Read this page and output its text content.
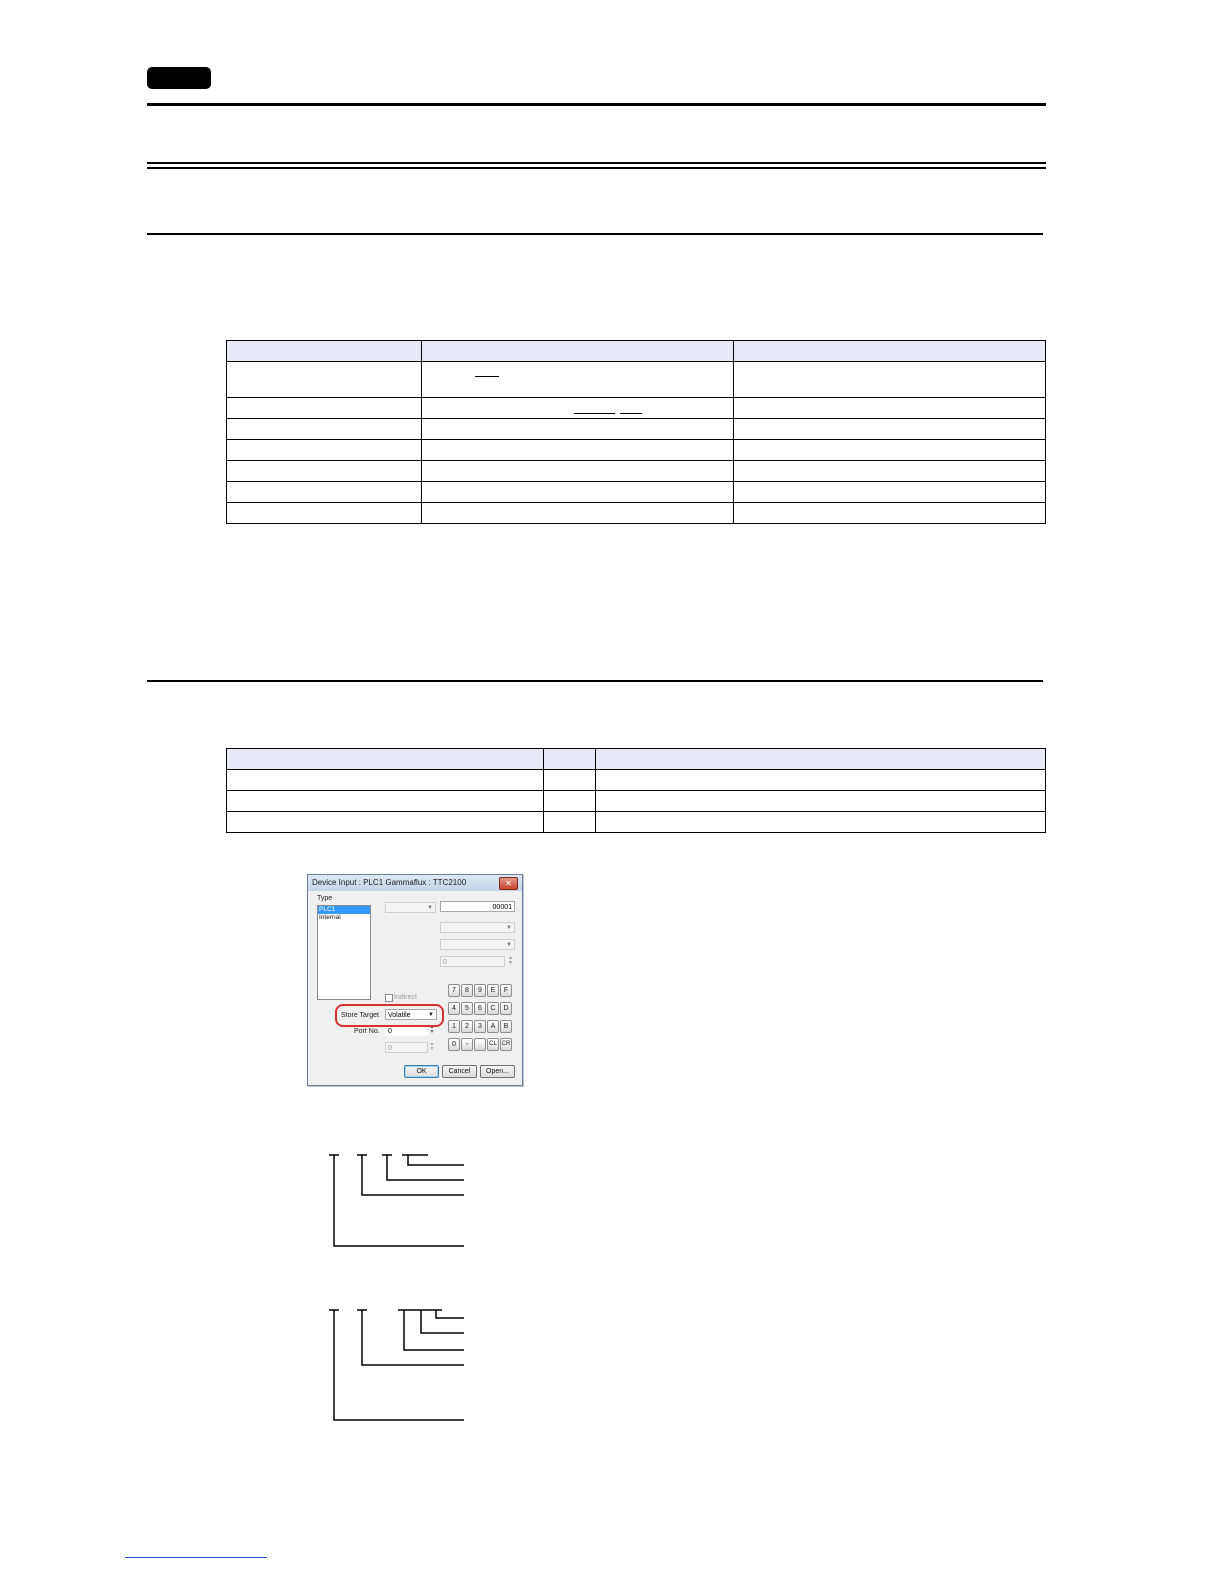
Device Input : PLC1 Gammaflux : TTC2100	✕
Type
PLC1
Internal
▼	00001
▼
▼
0
▲
▼
Indirect
Store Target	Volatile	▼
Port No.	0
▲
▼
0
▲
▼
7	8	9	E	F
4	5	6	C	D
1	2	3	A	B
0	-	.	CL CR
OK	Cancel	Open...
